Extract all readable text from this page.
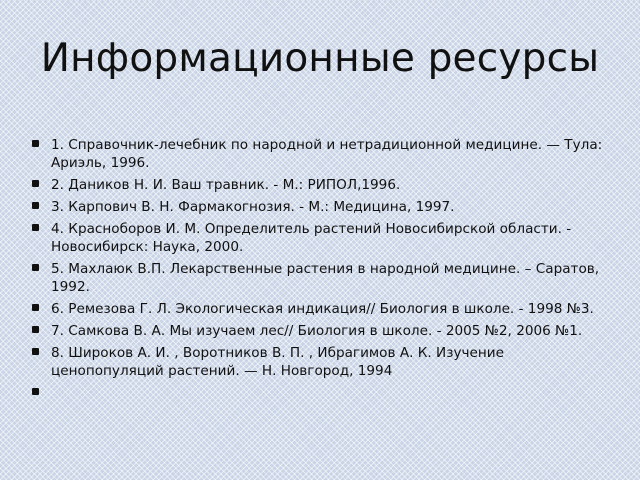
Информационные ресурсы
1. Справочник-лечебник по народной и нетрадиционной медицине. — Тула: Ариэль, 1996.
2. Даников Н. И. Ваш травник. - М.: РИПОЛ,1996.
3. Карпович В. Н. Фармакогнозия. - М.: Медицина, 1997.
4. Красноборов И. М. Определитель растений Новосибирской области. - Новосибирск: Наука, 2000.
5. Махлаюк В.П. Лекарственные растения в народной медицине. – Саратов, 1992.
6. Ремезова Г. Л. Экологическая индикация// Биология в школе. - 1998 №3.
7. Самкова В. А. Мы изучаем лес// Биология в школе. - 2005 №2, 2006 №1.
8. Широков А. И. , Воротников В. П. , Ибрагимов А. К. Изучение ценопопуляций растений. — Н. Новгород, 1994
